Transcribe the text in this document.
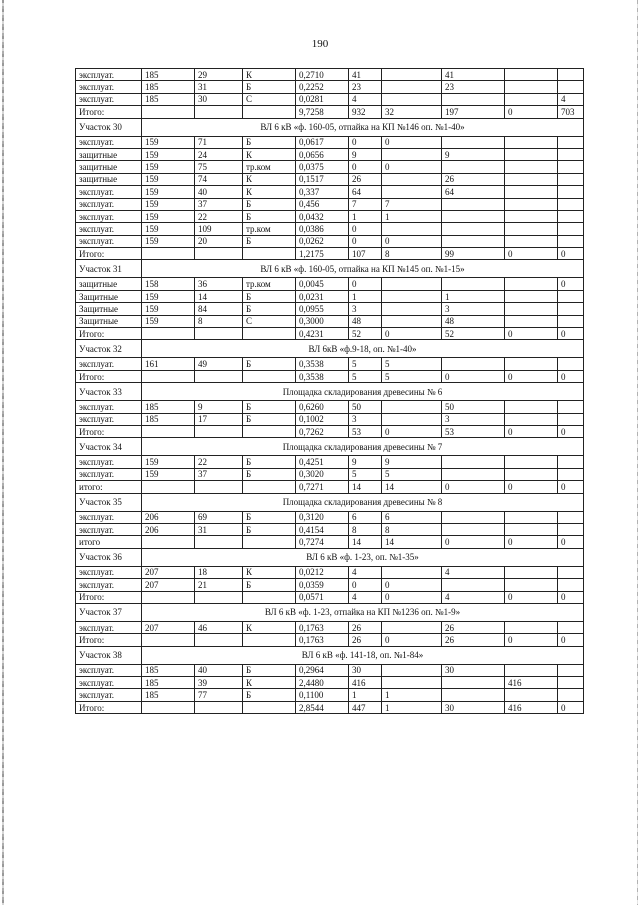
190
эксплуат.	185	29	К	0,2710	41		41		
эксплуат.	185	31	Б	0,2252	23		23		
эксплуат.	185	30	С	0,0281	4				4
Итого:				9,7258	932	32	197	0	703
Участок 30	ВЛ 6 кВ «ф. 160-05, отпайка на КП №146 оп. №1-40»								
эксплуат.	159	71	Б	0,0617	0	0			
защитные	159	24	К	0,0656	9		9		
защитные	159	75	тр.ком	0,0375	0	0			
защитные	159	74	К	0,1517	26		26		
эксплуат.	159	40	К	0,337	64		64		
эксплуат.	159	37	Б	0,456	7	7			
эксплуат.	159	22	Б	0,0432	1	1			
эксплуат.	159	109	тр.ком	0,0386	0				
эксплуат.	159	20	Б	0,0262	0	0			
Итого:				1,2175	107	8	99	0	0
Участок 31	ВЛ 6 кВ «ф. 160-05, отпайка на КП №145 оп. №1-15»								
защитные	158	36	тр.ком	0,0045	0				0
Защитные	159	14	Б	0,0231	1		1		
Защитные	159	84	Б	0,0955	3		3		
Защитные	159	8	С	0,3000	48		48		
Итого:				0,4231	52	0	52	0	0
Участок 32	ВЛ 6кВ «ф.9-18, оп. №1-40»								
эксплуат.	161	49	Б	0,3538	5	5			
Итого:				0,3538	5	5	0	0	0
Участок 33	Площадка складирования древесины № 6								
эксплуат.	185	9	Б	0,6260	50		50		
эксплуат.	185	17	Б	0,1002	3		3		
Итого:				0,7262	53	0	53	0	0
Участок 34	Площадка складирования древесины № 7								
эксплуат.	159	22	Б	0,4251	9	9			
эксплуат.	159	37	Б	0,3020	5	5			
итого:				0,7271	14	14	0	0	0
Участок 35	Площадка складирования древесины № 8								
эксплуат.	206	69	Б	0,3120	6	6			
эксплуат.	206	31	Б	0,4154	8	8			
итого				0,7274	14	14	0	0	0
Участок 36	ВЛ 6 кВ «ф. 1-23, оп. №1-35»								
эксплуат.	207	18	К	0,0212	4		4		
эксплуат.	207	21	Б	0,0359	0	0			
Итого:				0,0571	4	0	4	0	0
Участок 37	ВЛ 6 кВ «ф. 1-23, отпайка на КП №1236 оп. №1-9»								
эксплуат.	207	46	К	0,1763	26		26		
Итого:				0,1763	26	0	26	0	0
Участок 38	ВЛ 6 кВ «ф. 141-18, оп. №1-84»								
эксплуат.	185	40	Б	0,2964	30		30		
эксплуат.	185	39	К	2,4480	416			416	
эксплуат.	185	77	Б	0,1100	1	1			
Итого:				2,8544	447	1	30	416	0
